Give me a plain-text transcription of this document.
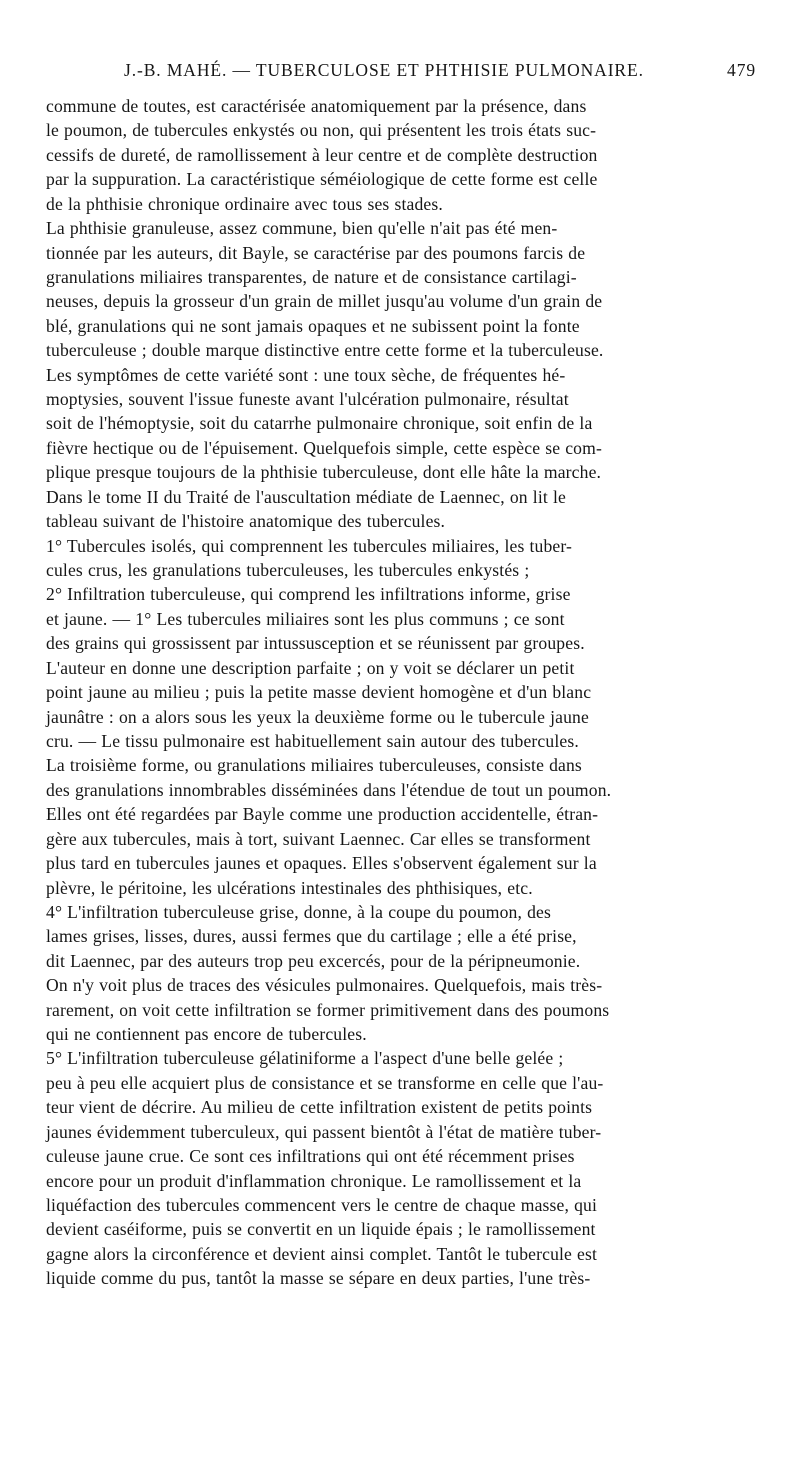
J.-B. MAHÉ. — TUBERCULOSE ET PHTHISIE PULMONAIRE.	479

commune de toutes, est caractérisée anatomiquement par la présence, dans
le poumon, de tubercules enkystés ou non, qui présentent les trois états suc-
cessifs de dureté, de ramollissement à leur centre et de complète destruction
par la suppuration. La caractéristique séméiologique de cette forme est celle
de la phthisie chronique ordinaire avec tous ses stades.

La phthisie granuleuse, assez commune, bien qu'elle n'ait pas été men-
tionnée par les auteurs, dit Bayle, se caractérise par des poumons farcis de
granulations miliaires transparentes, de nature et de consistance cartilagi-
neuses, depuis la grosseur d'un grain de millet jusqu'au volume d'un grain de
blé, granulations qui ne sont jamais opaques et ne subissent point la fonte
tuberculeuse ; double marque distinctive entre cette forme et la tuberculeuse.
Les symptômes de cette variété sont : une toux sèche, de fréquentes hé-
moptysies, souvent l'issue funeste avant l'ulcération pulmonaire, résultat
soit de l'hémoptysie, soit du catarrhe pulmonaire chronique, soit enfin de la
fièvre hectique ou de l'épuisement. Quelquefois simple, cette espèce se com-
plique presque toujours de la phthisie tuberculeuse, dont elle hâte la marche.
Dans le tome II du Traité de l'auscultation médiate de Laennec, on lit le
tableau suivant de l'histoire anatomique des tubercules.

1° Tubercules isolés, qui comprennent les tubercules miliaires, les tuber-
cules crus, les granulations tuberculeuses, les tubercules enkystés ;

2° Infiltration tuberculeuse, qui comprend les infiltrations informe, grise
et jaune. — 1° Les tubercules miliaires sont les plus communs ; ce sont
des grains qui grossissent par intussusception et se réunissent par groupes.
L'auteur en donne une description parfaite ; on y voit se déclarer un petit
point jaune au milieu ; puis la petite masse devient homogène et d'un blanc
jaunâtre : on a alors sous les yeux la deuxième forme ou le tubercule jaune
cru. — Le tissu pulmonaire est habituellement sain autour des tubercules.
La troisième forme, ou granulations miliaires tuberculeuses, consiste dans
des granulations innombrables disséminées dans l'étendue de tout un poumon.
Elles ont été regardées par Bayle comme une production accidentelle, étran-
gère aux tubercules, mais à tort, suivant Laennec. Car elles se transforment
plus tard en tubercules jaunes et opaques. Elles s'observent également sur la
plèvre, le péritoine, les ulcérations intestinales des phthisiques, etc.

4° L'infiltration tuberculeuse grise, donne, à la coupe du poumon, des
lames grises, lisses, dures, aussi fermes que du cartilage ; elle a été prise,
dit Laennec, par des auteurs trop peu excercés, pour de la péripneumonie.
On n'y voit plus de traces des vésicules pulmonaires. Quelquefois, mais très-
rarement, on voit cette infiltration se former primitivement dans des poumons
qui ne contiennent pas encore de tubercules.

5° L'infiltration tuberculeuse gélatiniforme a l'aspect d'une belle gelée ;
peu à peu elle acquiert plus de consistance et se transforme en celle que l'au-
teur vient de décrire. Au milieu de cette infiltration existent de petits points
jaunes évidemment tuberculeux, qui passent bientôt à l'état de matière tuber-
culeuse jaune crue. Ce sont ces infiltrations qui ont été récemment prises
encore pour un produit d'inflammation chronique. Le ramollissement et la
liquéfaction des tubercules commencent vers le centre de chaque masse, qui
devient caséiforme, puis se convertit en un liquide épais ; le ramollissement
gagne alors la circonférence et devient ainsi complet. Tantôt le tubercule est
liquide comme du pus, tantôt la masse se sépare en deux parties, l'une très-
